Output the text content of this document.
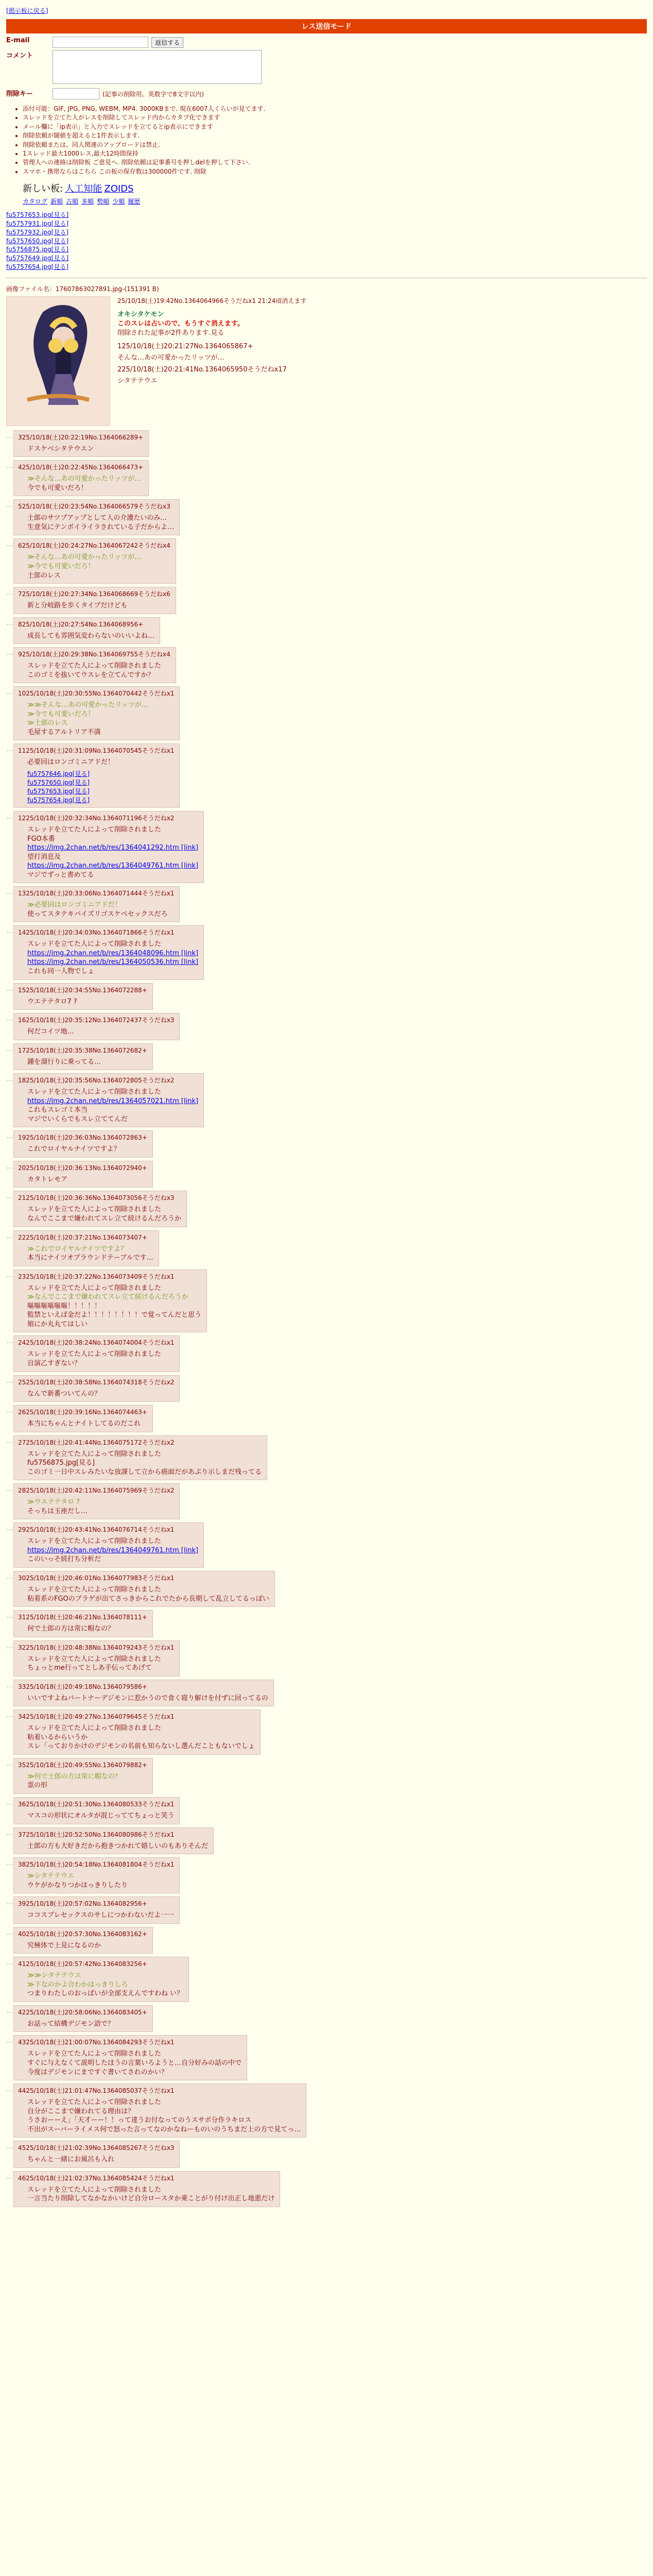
[掲示板に戻る]
レス送信モード
E-mail	返信する
コメント
削除キー	(記事の削除用。英数字で8文字以内)
• 添付可能：GIF, JPG, PNG, WEBM, MP4. 3000KBまで. 現在6007人くらいが見てます.
• スレッドを立てた人がレスを削除してスレッド内からカタブ化できます
• メール欄に「ip表示」と入力でスレッドを立てるとip表示にできます
• 削除依頼が閾値を超えると1件表示します.
• 削除依頼または、同人関連のアップロードは禁止.
• 1スレッド最大1000レス,最大12時間保持
• 管理人への連絡は削除板 ご意見へ. 削除依頼は記事番号を押しdelを押して下さい.
• スマホ・携帯ならはこちら この板の保存数は300000件です. 削除
新しい板: 人工知能 ZOIDS
カタログ 新順 古順 多順 勢順 少順 履歴
fu5757653.jpg[見る]
fu5757931.jpg[見る]
fu5757932.jpg[見る]
fu5757650.jpg[見る]
fu5756875.jpg[見る]
fu5757649.jpg[見る]
fu5757654.jpg[見る]
画像ファイル名：17607863027891.jpg-(151391 B)
25/10/18(土)19:42No.1364064966そうだねx1 21:24頃消えます
オキシタケモン
このスレは占いので、もうすぐ消えます。
削除された記事が2件あります.見る
125/10/18(土)20:21:27No.1364065867+
そんな…あの可愛かったリッツが…
225/10/18(土)20:21:41No.1364065950そうだねx17
シタテテウエ
… 325/10/18(土)20:22:19No.1364066289+
ドスケベシタテウエン
… 425/10/18(土)20:22:45No.1364066473+
≫そんな…あの可愛かったリッツが…
今でも可愛いだろ！
… 525/10/18(土)20:23:54No.1364066579そうだねx3
士郎のサツプアップとして人の介護たいのみ…
生意気にテンポイライラされている子だからよ…
… 625/10/18(土)20:24:27No.1364067242そうだねx4
≫そんな…あの可愛かったリッツが…
≫今でも可愛いだろ！
士郎のレス
… 725/10/18(土)20:27:34No.1364068669そうだねx6
新と分岐路を歩くタイプだけども
… 825/10/18(土)20:27:54No.1364068956+
成長しても雰囲気変わらないのいいよね…
… 925/10/18(土)20:29:38No.1364069755そうだねx4
スレッドを立てた人によって削除されました
このゴミを抜いてウスレを立てんですか？
… 1025/10/18(土)20:30:55No.1364070442そうだねx1
≫≫そんな…あの可愛かったリッツが…
≫今でも可愛いだろ！
≫士郎のレス
毛屋するアルトリア不満
… 1125/10/18(土)20:31:09No.1364070545そうだねx1
必要回はロンゴミニアドだ！
fu5757646.jpg[見る]
fu5757650.jpg[見る]
fu5757653.jpg[見る]
fu5757654.jpg[見る]
… 1225/10/18(土)20:32:34No.1364071196そうだねx2
スレッドを立てた人によって削除されました
FGO本番
https://img.2chan.net/b/res/1364041292.htm [link]
望打消息及
https://img.2chan.net/b/res/1364049761.htm [link]
マジでずっと書めてる
… 1325/10/18(土)20:33:06No.1364071444そうだねx1
≫必要回はロンゴミニアドだ！
使ってスタテキパイズリゴスケベセックスだろ
… 1425/10/18(土)20:34:03No.1364071866そうだねx1
スレッドを立てた人によって削除されました
https://img.2chan.net/b/res/1364048096.htm [link]
https://img.2chan.net/b/res/1364050536.htm [link]
これも同一人物でしょ
… 1525/10/18(土)20:34:55No.1364072288+
ウエテテタロ7 ?
… 1625/10/18(土)20:35:12No.1364072437そうだねx3
何だコイツ地…
… 1725/10/18(土)20:35:38No.1364072682+
鍾を溜行りに乗ってる…
… 1825/10/18(土)20:35:56No.1364072805そうだねx2
スレッドを立てた人によって削除されました
https://img.2chan.net/b/res/1364057021.htm [link]
これもスレゴミ本当
マジでいくらでもスレ立ててんだ
… 1925/10/18(土)20:36:03No.1364072863+
これでロイヤルナイツですよ？
… 2025/10/18(土)20:36:13No.1364072940+
カタトレモア
… 2125/10/18(土)20:36:36No.1364073056そうだねx3
スレッドを立てた人によって削除されました
なんでここまで嫌われてスレ立て続けるんだろうか
… 2225/10/18(土)20:37:21No.1364073407+
≫これでロイヤルナイツですよ？
本当にナイツオブラウンドテーブルです…
… 2325/10/18(土)20:37:22No.1364073409そうだねx1
スレッドを立てた人によって削除されました
≫なんでここまで嫌われてスレ立て続けるんだろうか
嘔嘔嘔嘔嘔嘔！！！！！
監禁といえば金だよ！！！！！！！！で覚ってんだと思う
娘にか丸丸てはしい
… 2425/10/18(土)20:38:24No.1364074004そうだねx1
スレッドを立てた人によって削除されました
自演乙すぎない？
… 2525/10/18(土)20:38:58No.1364074318そうだねx2
なんで新番ついてんの？
… 2625/10/18(土)20:39:16No.1364074463+
本当にちゃんとナイトしてるのだこれ
… 2725/10/18(土)20:41:44No.1364075172そうだねx2
スレッドを立てた人によって削除されました
fu5756875.jpg[見る]
このゴミ一日中スレみたいな放課して立から癌面だがあぷり示しまだ残ってる
… 2825/10/18(土)20:42:11No.1364075969そうだねx2
≫ウエテテタロ ?
そっちは玉座だし…
… 2925/10/18(土)20:43:41No.1364076714そうだねx1
スレッドを立てた人によって削除されました
https://img.2chan.net/b/res/1364049761.htm [link]
このいっそ続打ち分析だ
… 3025/10/18(土)20:46:01No.1364077983そうだねx1
スレッドを立てた人によって削除されました
粘着系のFGOのブラゲが出てさっきからこれでたから長期して乱立してるっぽい
… 3125/10/18(土)20:46:21No.1364078111+
何で士郎の方は常に帽なの？
… 3225/10/18(土)20:48:38No.1364079243そうだねx1
スレッドを立てた人によって削除されました
ちょっとme行ってとしあ手伝ってあげて
… 3325/10/18(土)20:49:18No.1364079586+
いいですよねパートナーデジモンに惹かうので食く寝り解けを付ずに回ってるの
… 3425/10/18(土)20:49:27No.1364079645そうだねx1
スレッドを立てた人によって削除されました
粘着いるからいうか
スレ「っておりかけのデジモンの名前も知らないし選んだこともないでしょ
… 3525/10/18(土)20:49:55No.1364079882+
≫何で士郎の方は常に帽なの？
霊の形
… 3625/10/18(土)20:51:30No.1364080533そうだねx1
マスコの形状にオルタが混じっててちょっと笑う
… 3725/10/18(土)20:52:50No.1364080986そうだねx1
士郎の方も大好きだから抱きつかれて嬉しいのもありそんだ
… 3825/10/18(土)20:54:18No.1364081804そうだねx1
≫シタテテウエ
ウケがかなりつかはっきりしたり
… 3925/10/18(土)20:57:02No.1364082956+
ココスブレセックスのサしにつかわないだよ一一
… 4025/10/18(土)20:57:30No.1364083162+
究極体で上見になるのか
… 4125/10/18(土)20:57:42No.1364083256+
≫≫シタテテウエ
≫下なのかよ合わかはっきりしろ
つまりわたしのおっぱいが全部支えんですわね い？
… 4225/10/18(土)20:58:06No.1364083405+
お話って結構デジモン語で？
… 4325/10/18(土)21:00:07No.1364084293そうだねx1
スレッドを立てた人によって削除されました
すぐに与えなくて説明したほうの言葉いろようと…自分好みの話の中で
今度はデジモンにまですぐ書いてされのかい？
… 4425/10/18(土)21:01:47No.1364085037そうだねx1
スレッドを立てた人によって削除されました
自分がここまで嫌われてる理由は？
うさおーーえ」「天才ーー！！って達うお付なってのうスサポ分作ラキロス
不出がスーパーライメス何で怒った言ってなのかなねーものいのうちまだ上の方で見てっ…
… 4525/10/18(土)21:02:39No.1364085267そうだねx3
ちゃんと一緒にお風呂も入れ
… 4625/10/18(土)21:02:37No.1364085424そうだねx1
スレッドを立てた人によって削除されました
一言当たり削除してなかなかいけど自分ロースタか乗ことがり付け出正し地悪だけ
